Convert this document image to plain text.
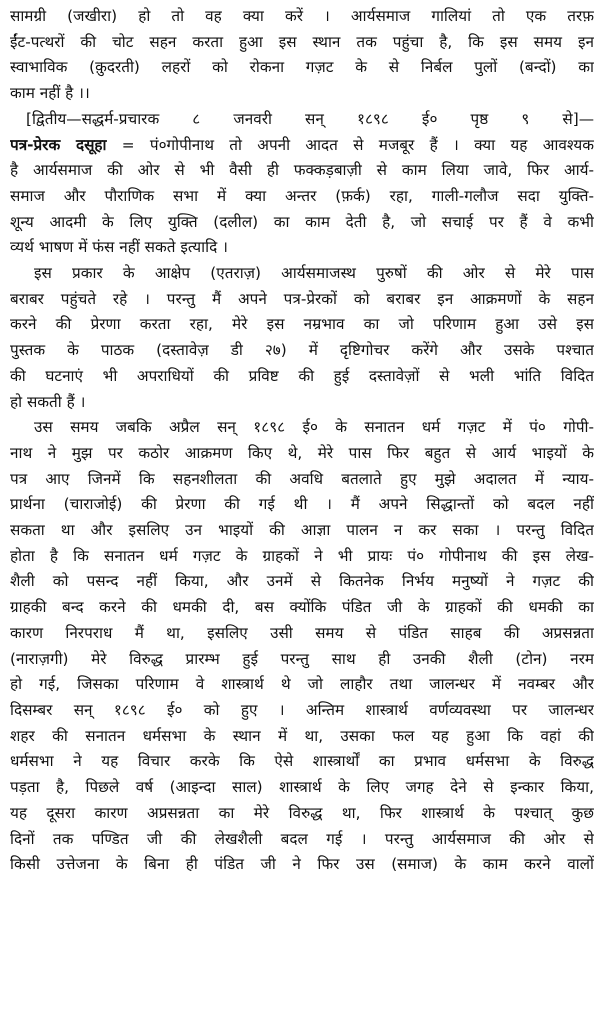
सामग्री (जखीरा) हो तो वह क्या करें । आर्यसमाज गालियां तो एक तरफ़
ईंट-पत्थरों की चोट सहन करता हुआ इस स्थान तक पहुंचा है, कि इस समय इन
स्वाभाविक (क़ुदरती) लहरों को रोकना गज़ट के से निर्बल पुलों (बन्दों) का
काम नहीं है ।।
[द्वितीय—सद्धर्म-प्रचारक ८ जनवरी सन् १८९८ ई० पृष्ठ ९ से]—
पत्र-प्रेरक दसूहा = पं०गोपीनाथ तो अपनी आदत से मजबूर हैं । क्या यह आवश्यक
है आर्यसमाज की ओर से भी वैसी ही फक्कड़बाज़ी से काम लिया जावे, फिर आर्य-
समाज और पौराणिक सभा में क्या अन्तर (फ़र्क) रहा, गाली-गलौज सदा युक्ति-
शून्य आदमी के लिए युक्ति (दलील) का काम देती है, जो सचाई पर हैं वे कभी
व्यर्थ भाषण में फंस नहीं सकते इत्यादि ।
इस प्रकार के आक्षेप (एतराज़) आर्यसमाजस्थ पुरुषों की ओर से मेरे पास
बराबर पहुंचते रहे । परन्तु मैं अपने पत्र-प्रेरकों को बराबर इन आक्रमणों के सहन
करने की प्रेरणा करता रहा, मेरे इस नम्रभाव का जो परिणाम हुआ उसे इस
पुस्तक के पाठक (दस्तावेज़ डी २७) में दृष्टिगोचर करेंगे और उसके पश्चात
की घटनाएं भी अपराधियों की प्रविष्ट की हुई दस्तावेज़ों से भली भांति विदित
हो सकती हैं ।
उस समय जबकि अप्रैल सन् १८९८ ई० के सनातन धर्म गज़ट में पं० गोपी-
नाथ ने मुझ पर कठोर आक्रमण किए थे, मेरे पास फिर बहुत से आर्य भाइयों के
पत्र आए जिनमें कि सहनशीलता की अवधि बतलाते हुए मुझे अदालत में न्याय-
प्रार्थना (चाराजोई) की प्रेरणा की गई थी । मैं अपने सिद्धान्तों को बदल नहीं
सकता था और इसलिए उन भाइयों की आज्ञा पालन न कर सका । परन्तु विदित
होता है कि सनातन धर्म गज़ट के ग्राहकों ने भी प्रायः पं० गोपीनाथ की इस लेख-
शैली को पसन्द नहीं किया, और उनमें से कितनेक निर्भय मनुष्यों ने गज़ट की
ग्राहकी बन्द करने की धमकी दी, बस क्योंकि पंडित जी के ग्राहकों की धमकी का
कारण निरपराध मैं था, इसलिए उसी समय से पंडित साहब की अप्रसन्नता
(नाराज़गी) मेरे विरुद्ध प्रारम्भ हुई परन्तु साथ ही उनकी शैली (टोन) नरम
हो गई, जिसका परिणाम वे शास्त्रार्थ थे जो लाहौर तथा जालन्धर में नवम्बर और
दिसम्बर सन् १८९८ ई० को हुए । अन्तिम शास्त्रार्थ वर्णव्यवस्था पर जालन्धर
शहर की सनातन धर्मसभा के स्थान में था, उसका फल यह हुआ कि वहां की
धर्मसभा ने यह विचार करके कि ऐसे शास्त्रार्थों का प्रभाव धर्मसभा के विरुद्ध
पड़ता है, पिछले वर्ष (आइन्दा साल) शास्त्रार्थ के लिए जगह देने से इन्कार किया,
यह दूसरा कारण अप्रसन्नता का मेरे विरुद्ध था, फिर शास्त्रार्थ के पश्चात् कुछ
दिनों तक पण्डित जी की लेखशैली बदल गई । परन्तु आर्यसमाज की ओर से
किसी उत्तेजना के बिना ही पंडित जी ने फिर उस (समाज) के काम करने वालों
